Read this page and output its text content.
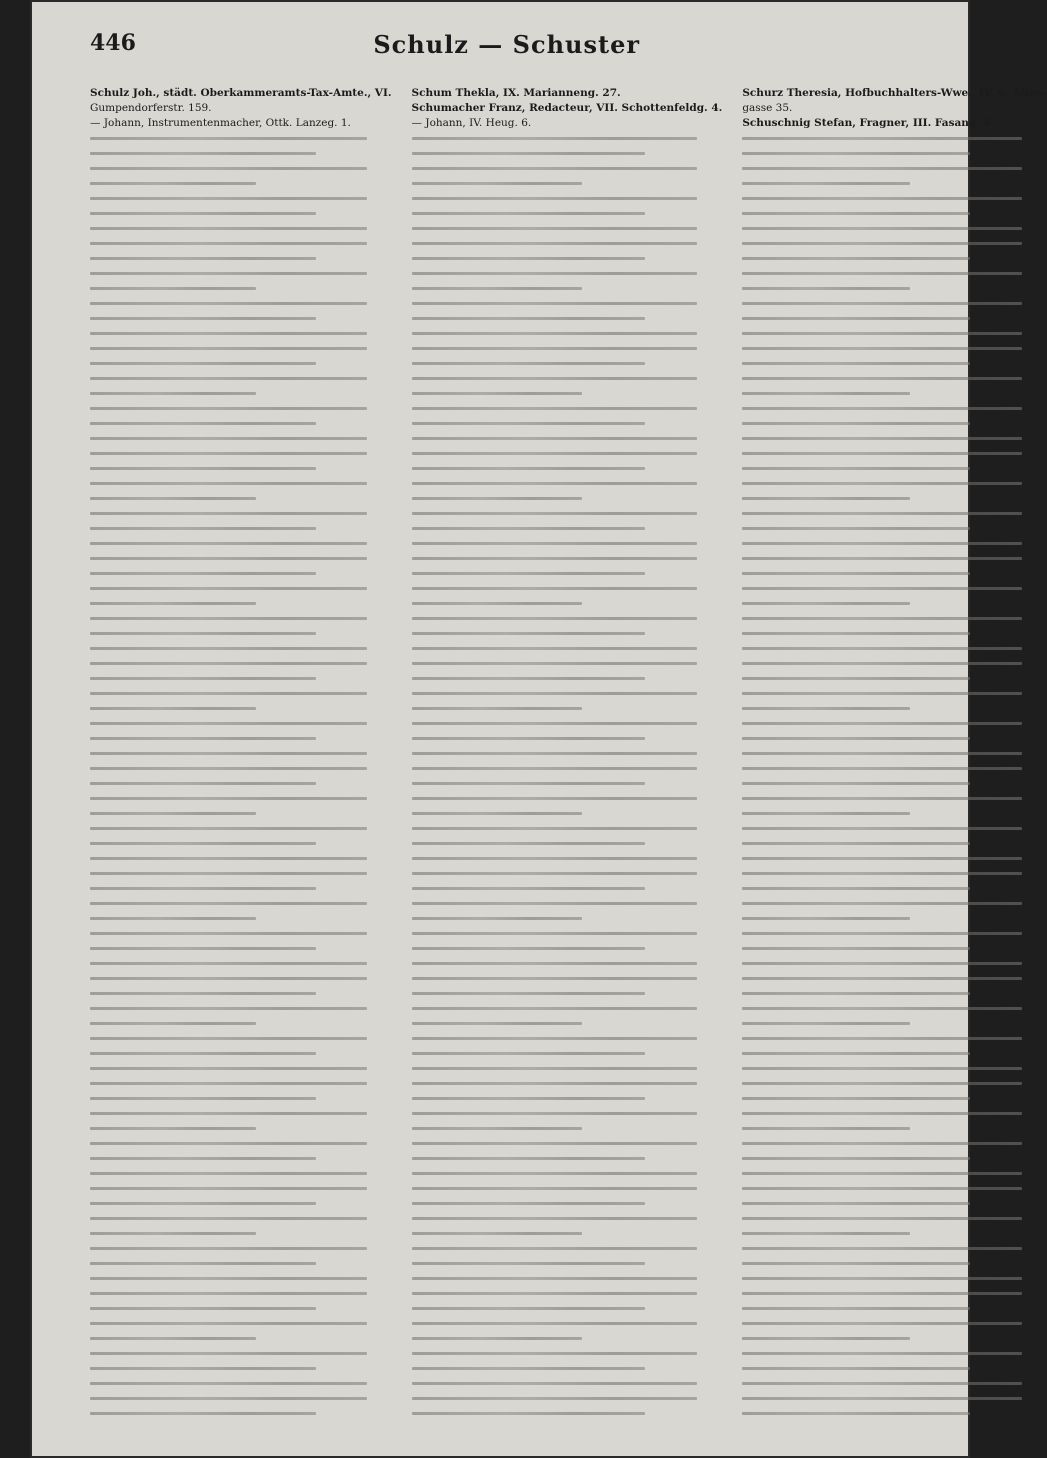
446	Schulz — Schuster
Schulz Joh., städt. Oberkammeramts-Tax-Amte., VI.
Gumpendorferstr. 159.
— Johann, Instrumentenmacher, Ottk. Lanzeg. 1.
Schum Thekla, IX. Marianneng. 27.
Schumacher Franz, Redacteur, VII. Schottenfeldg. 4.
— Johann, IV. Heug. 6.
Schurz Theresia, Hofbuchhalters-Wwe., IV. u. Allee-
gasse 35.
Schuschnig Stefan, Fragner, III. Fasang. 8.
